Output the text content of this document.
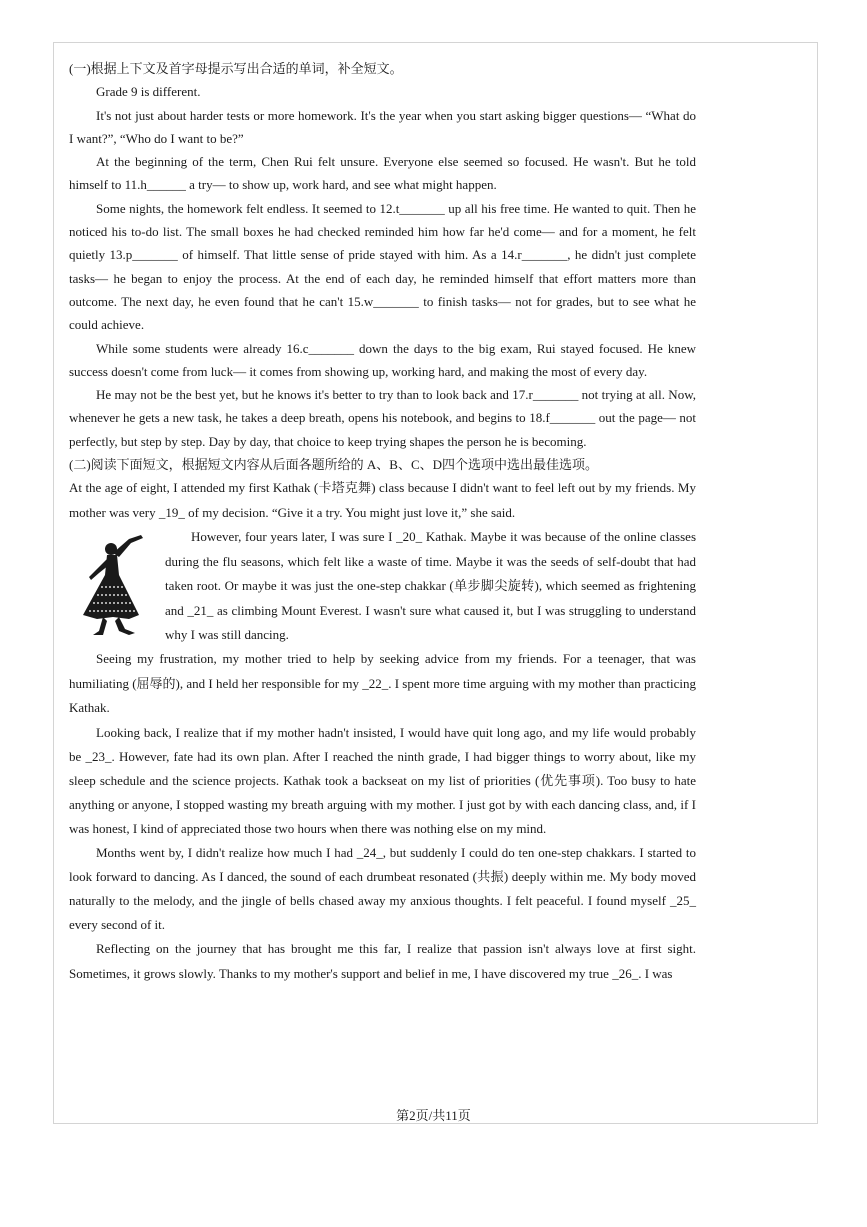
(一)根据上下文及首字母提示写出合适的单词，补全短文。

Grade 9 is different.

It's not just about harder tests or more homework. It's the year when you start asking bigger questions— “What do I want?”, “Who do I want to be?”

At the beginning of the term, Chen Rui felt unsure. Everyone else seemed so focused. He wasn't. But he told himself to 11.h______ a try— to show up, work hard, and see what might happen.

Some nights, the homework felt endless. It seemed to 12.t_______ up all his free time. He wanted to quit. Then he noticed his to-do list. The small boxes he had checked reminded him how far he'd come— and for a moment, he felt quietly 13.p_______ of himself. That little sense of pride stayed with him. As a 14.r_______, he didn't just complete tasks— he began to enjoy the process. At the end of each day, he reminded himself that effort matters more than outcome. The next day, he even found that he can't 15.w_______ to finish tasks— not for grades, but to see what he could achieve.

While some students were already 16.c_______ down the days to the big exam, Rui stayed focused. He knew success doesn't come from luck— it comes from showing up, working hard, and making the most of every day.

He may not be the best yet, but he knows it's better to try than to look back and 17.r_______ not trying at all. Now, whenever he gets a new task, he takes a deep breath, opens his notebook, and begins to 18.f_______ out the page— not perfectly, but step by step. Day by day, that choice to keep trying shapes the person he is becoming.

(二)阅读下面短文，根据短文内容从后面各题所给的 A、B、C、D四个选项中选出最佳选项。

At the age of eight, I attended my first Kathak (卡塔克舞) class because I didn't want to feel left out by my friends. My mother was very _19_ of my decision. “Give it a try. You might just love it,” she said.

However, four years later, I was sure I _20_ Kathak. Maybe it was because of the online classes during the flu seasons, which felt like a waste of time. Maybe it was the seeds of self-doubt that had taken root. Or maybe it was just the one-step chakkar (单步脚尖旋转), which seemed as frightening and _21_ as climbing Mount Everest. I wasn't sure what caused it, but I was struggling to understand why I was still dancing.

Seeing my frustration, my mother tried to help by seeking advice from my friends. For a teenager, that was humiliating (屈辱的), and I held her responsible for my _22_. I spent more time arguing with my mother than practicing Kathak.

Looking back, I realize that if my mother hadn't insisted, I would have quit long ago, and my life would probably be _23_. However, fate had its own plan. After I reached the ninth grade, I had bigger things to worry about, like my sleep schedule and the science projects. Kathak took a backseat on my list of priorities (优先事项). Too busy to hate anything or anyone, I stopped wasting my breath arguing with my mother. I just got by with each dancing class, and, if I was honest, I kind of appreciated those two hours when there was nothing else on my mind.

Months went by, I didn't realize how much I had _24_, but suddenly I could do ten one-step chakkars. I started to look forward to dancing. As I danced, the sound of each drumbeat resonated (共振) deeply within me. My body moved naturally to the melody, and the jingle of bells chased away my anxious thoughts. I felt peaceful. I found myself _25_ every second of it.

Reflecting on the journey that has brought me this far, I realize that passion isn't always love at first sight. Sometimes, it grows slowly. Thanks to my mother's support and belief in me, I have discovered my true _26_. I was

第2页/共11页
